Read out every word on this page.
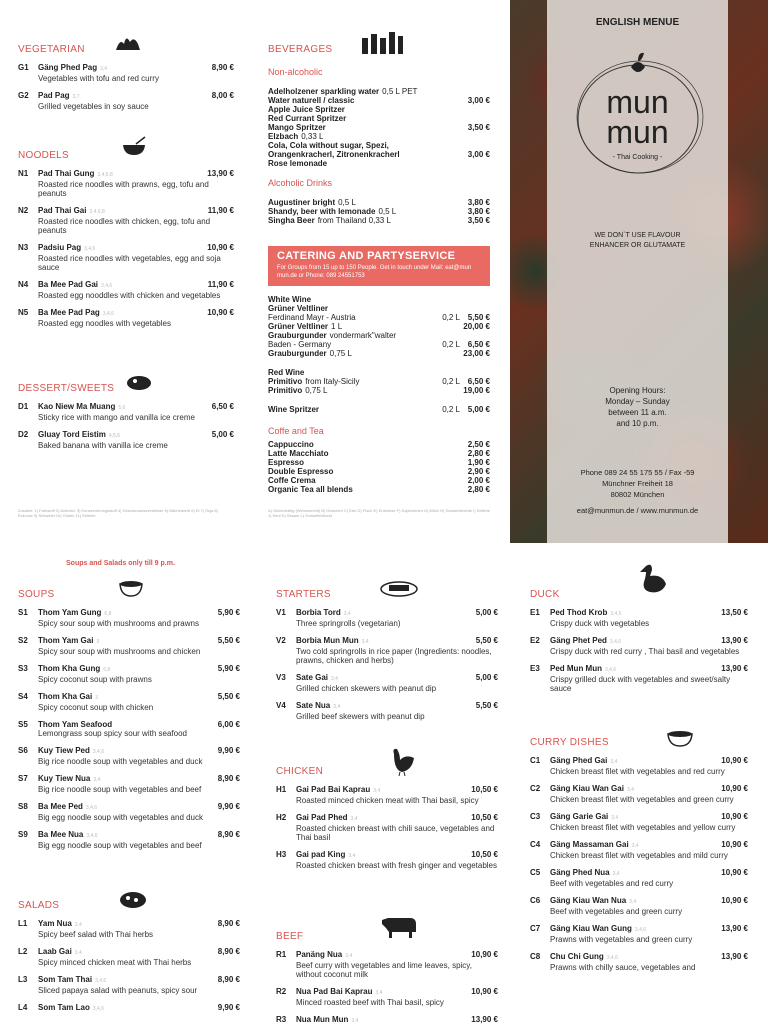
VEGETARIAN
G1 Gäng Phed Pag 3,4
Vegetables with tofu and red curry
8,90 €
G2 Pad Pag 3,7
Grilled vegetables in soy sauce
8,00 €
NOODELS
N1 Pad Thai Gung 3,4,6,8
Roasted rice noodles with prawns, egg, tofu and peanuts
13,90 €
N2 Pad Thai Gai 3,4,6,8
Roasted rice noodles with chicken, egg, tofu and peanuts
11,90 €
N3 Padsiu Pag 3,4,6
Roasted rice noodles with vegetables, egg and soja sauce
10,90 €
N4 Ba Mee Pad Gai 3,4,6
Roasted egg nooddles with chicken and vegetables
11,90 €
N5 Ba Mee Pad Pag 3,4,6
Roasted egg noodles with vegetables
10,90 €
DESSERT/SWEETS
D1 Kao Niew Ma Muang 5,6
Sticky rice with mango and vanilla ice creme
6,50 €
D2 Gluay Tord Eistim 4,5,6
Baked banana with vanilla ice creme
5,00 €
Zusätze: 1) Farbstoff 2) Antioxid. 3) Konservierungsstoff 4) Geschmacksverstärker 5) Milcheiweiß 6) Ei 7) Soja 8) Erdnuss 9) Schwefel 10) Gluten 11) Sellerie
BEVERAGES
Non-alcoholic
Adelholzener sparkling water 0,5 L PET
Water naturell / classic	3,00 €
Apple Juice Spritzer
Red Currant Spritzer
Mango Spritzer	3,50 €
Elzbach 0,33 L
Cola, Cola without sugar, Spezi,
Orangenkracherl, Zitronenkracherl	3,00 €
Rose lemonade
Alcoholic Drinks
Augustiner bright 0,5 L	3,80 €
Shandy, beer with lemonade 0,5 L	3,80 €
Singha Beer from Thailand 0,33 L	3,50 €
CATERING AND PARTYSERVICE
For Groups from 15 up to 150 People. Get in touch under Mail: eat@mun mun.de or Phone: 089 24551753
White Wine
Grüner Veltliner
Ferdinand Mayr - Austria	0,2 L 5,50 €
Grüner Veltliner 1 L	20,00 €
Grauburgunder vondermark"walter
Baden - Germany	0,2 L 6,50 €
Grauburgunder 0,75 L	23,00 €
Red Wine
Primitivo from Italy-Sicily	0,2 L 6,50 €
Primitivo 0,75 L	19,00 €
Wine Spritzer	0,2 L 5,00 €
Coffe and Tea
Cappuccino	2,50 €
Latte Macchiato	2,80 €
Espresso	1,90 €
Double Espresso	2,90 €
Coffe Crema	2,00 €
Organic Tea all blends	2,80 €
A) Glutenhaltig (Weizenmehl) B) Garnelen C) Eier D) Fisch E) Erdnüsse F) Sojabohnen G) Milch H) Schalenfrüchte I) Sellerie J) Senf K) Sesam L) Schwefeldioxid
ENGLISH MENUE
mun
mun
- Thai Cooking -
WE DON`T USE FLAVOUR ENHANCER OR GLUTAMATE
Opening Hours:
Monday – Sunday
between 11 a.m.
and 10 p.m.
Phone 089 24 55 175 55 / Fax -59
Münchner Freiheit 18
80802 München
eat@munmun.de / www.munmun.de
Soups and Salads only till 9 p.m.
SOUPS
S1 Thom Yam Gung 6,8
Spicy sour soup with mushrooms and prawns
5,90 €
S2 Thom Yam Gai 3
Spicy sour soup with mushrooms and chicken
5,50 €
S3 Thom Kha Gung 6,8
Spicy coconut soup with prawns
5,90 €
S4 Thom Kha Gai 3
Spicy coconut soup with chicken
5,50 €
S5 Thom Yam Seafood
Lemongrass soup spicy sour with seafood
6,00 €
S6 Kuy Tiew Ped 3,4,6
Big rice noodle soup with vegetables and duck
9,90 €
S7 Kuy Tiew Nua 3,4
Big rice noodle soup with vegetables and beef
8,90 €
S8 Ba Mee Ped 3,4,6
Big egg noodle soup with vegetables and duck
9,90 €
S9 Ba Mee Nua 3,4,6
Big egg noodle soup with vegetables and beef
8,90 €
SALADS
L1 Yam Nua 3,4
Spicy beef salad with Thai herbs
8,90 €
L2 Laab Gai 3,4
Spicy minced chicken meat with Thai herbs
8,90 €
L3 Som Tam Thai 3,4,6
Sliced papaya salad with peanuts, spicy sour
8,90 €
L4 Som Tam Lao 3,4,6	9,90 €
STARTERS
V1 Borbia Tord 3,4
Three springrolls (vegetarian)
5,00 €
V2 Borbia Mun Mun 3,4
Two cold springrolls in rice paper (Ingredients: noodles, prawns, chicken and herbs)
5,50 €
V3 Sate Gai 3,4
Grilled chicken skewers with peanut dip
5,00 €
V4 Sate Nua 3,4
Grilled beef skewers with peanut dip
5,50 €
CHICKEN
H1 Gai Pad Bai Kaprau 3,4
Roasted minced chicken meat with Thai basil, spicy
10,50 €
H2 Gai Pad Phed 3,4
Roasted chicken breast with chili sauce, vegetables and Thai basil
10,50 €
H3 Gai pad King 3,4
Roasted chicken breast with fresh ginger and vegetables
10,50 €
BEEF
R1 Panäng Nua 3,4
Beef curry with vegetables and lime leaves, spicy, without coconut milk
10,90 €
R2 Nua Pad Bai Kaprau 3,4
Minced roasted beef with Thai basil, spicy
10,90 €
R3 Nua Mun Mun 3,4	13,90 €
DUCK
E1 Ped Thod Krob 3,4,6
Crispy duck with vegetables
13,50 €
E2 Gäng Phet Ped 3,4,6
Crispy duck with red curry , Thai basil and vegetables
13,90 €
E3 Ped Mun Mun 3,4,6
Crispy grilled duck with vegetables and sweet/salty sauce
13,90 €
CURRY DISHES
C1 Gäng Phed Gai 3,4
Chicken breast filet with vegetables and red curry
10,90 €
C2 Gäng Kiau Wan Gai 3,4
Chicken breast filet with vegetables and green curry
10,90 €
C3 Gäng Garie Gai 3,4
Chicken breast filet with vegetables and yellow curry
10,90 €
C4 Gäng Massaman Gai 3,4
Chicken breast filet with vegetables and mild curry
10,90 €
C5 Gäng Phed Nua 3,4
Beef with vegetables and red curry
10,90 €
C6 Gäng Kiau Wan Nua 3,4
Beef with vegetables and green curry
10,90 €
C7 Gäng Kiau Wan Gung 3,4,6
Prawns with vegetables and green curry
13,90 €
C8 Chu Chi Gung 3,4,6
Prawns with chilly sauce, vegetables and
13,90 €
